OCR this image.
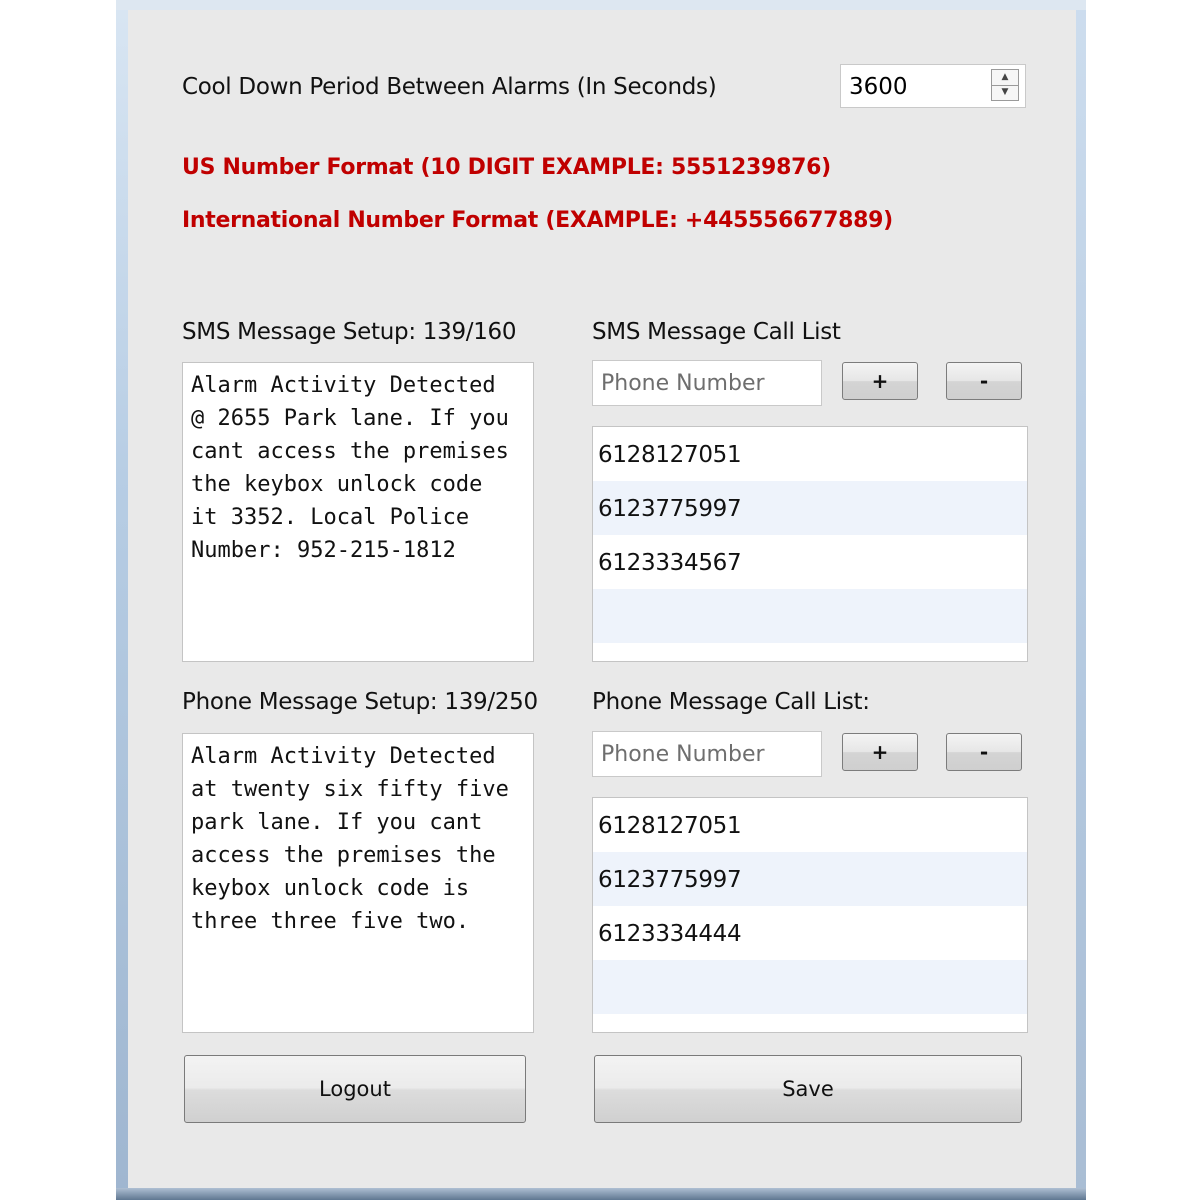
Cool Down Period Between Alarms (In Seconds)	3600	▲
▼
US Number Format (10 DIGIT EXAMPLE: 5551239876)
International Number Format (EXAMPLE: +445556677889)
SMS Message Setup: 139/160
Alarm Activity Detected @ 2655 Park lane. If you cant access the premises the keybox unlock code it 3352. Local Police Number: 952-215-1812
SMS Message Call List
Phone Number	+	-
6128127051
6123775997
6123334567
Phone Message Setup: 139/250
Alarm Activity Detected at twenty six fifty five park lane. If you cant access the premises the keybox unlock code is three three five two.
Phone Message Call List:
Phone Number	+	-
6128127051
6123775997
6123334444
Logout	Save
